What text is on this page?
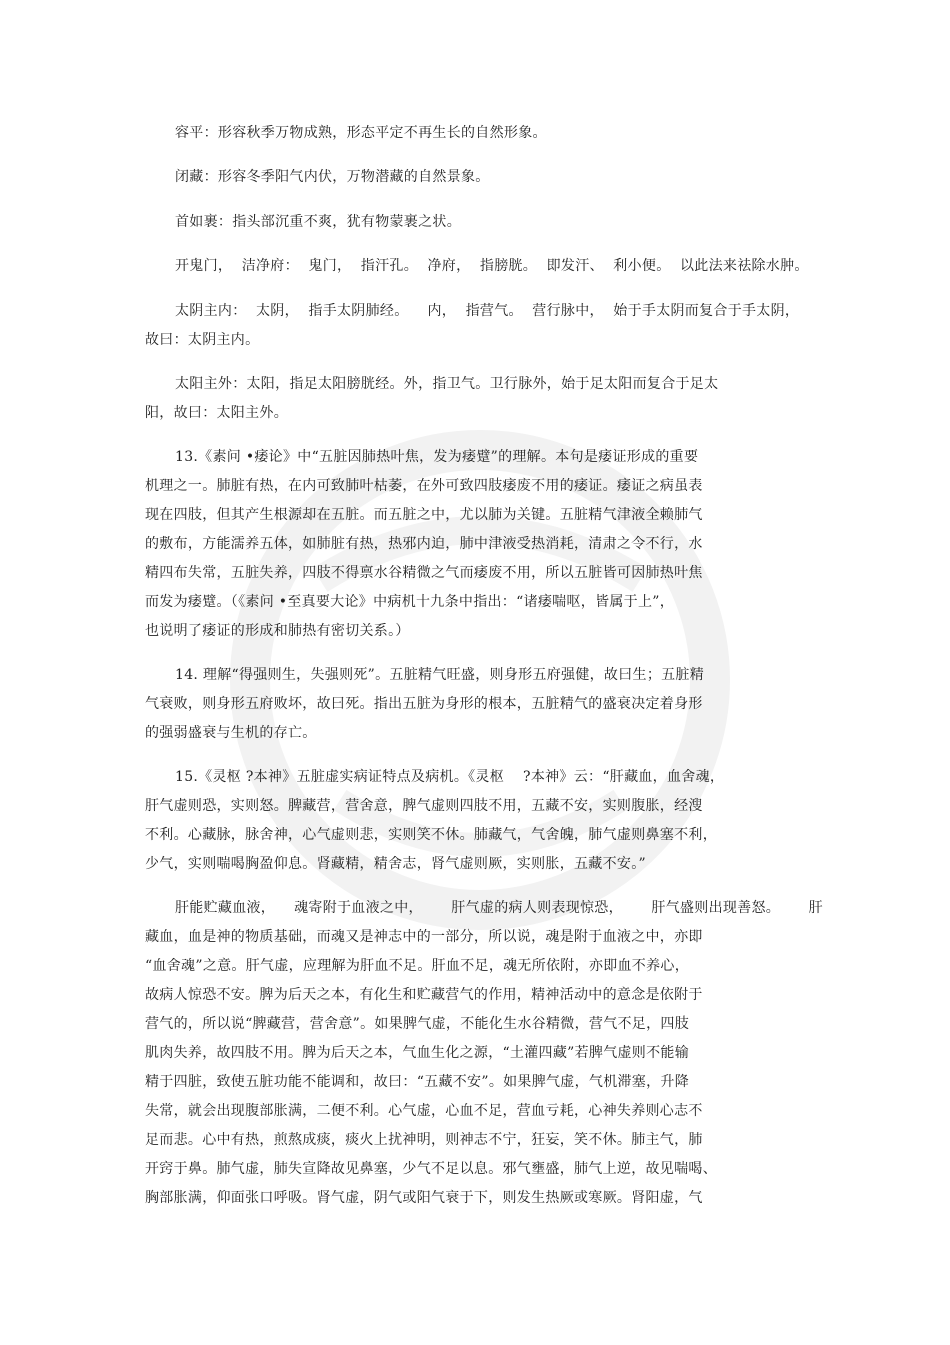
容平：形容秋季万物成熟，形态平定不再生长的自然形象。
闭藏：形容冬季阳气内伏，万物潜藏的自然景象。
首如裹：指头部沉重不爽，犹有物蒙裹之状。
开鬼门，  洁净府：  鬼门，  指汗孔。  净府，  指膀胱。  即发汗、  利小便。  以此法来祛除水肿。
太阴主内：  太阴，  指手太阴肺经。    内，  指营气。  营行脉中，  始于手太阴而复合于手太阴，
故曰：太阴主内。
太阳主外：太阳，指足太阳膀胱经。外，指卫气。卫行脉外，始于足太阳而复合于足太
阳，故曰：太阳主外。
13.《素问 •痿论》中“五脏因肺热叶焦，发为痿躄”的理解。本句是痿证形成的重要
机理之一。肺脏有热，在内可致肺叶枯萎，在外可致四肢痿废不用的痿证。痿证之病虽表
现在四肢，但其产生根源却在五脏。而五脏之中，尤以肺为关键。五脏精气津液全赖肺气
的敷布，方能濡养五体，如肺脏有热，热邪内迫，肺中津液受热消耗，清肃之令不行，水
精四布失常，五脏失养，四肢不得禀水谷精微之气而痿废不用，所以五脏皆可因肺热叶焦
而发为痿躄。（《素问 •至真要大论》中病机十九条中指出：“诸痿喘呕，皆属于上”，
也说明了痿证的形成和肺热有密切关系。）
14. 理解“得强则生，失强则死”。五脏精气旺盛，则身形五府强健，故曰生；五脏精
气衰败，则身形五府败坏，故曰死。指出五脏为身形的根本，五脏精气的盛衰决定着身形
的强弱盛衰与生机的存亡。
15.《灵枢 ?本神》五脏虚实病证特点及病机。《灵枢    ?本神》云：“肝藏血，血舍魂，
肝气虚则恐，实则怒。脾藏营，营舍意，脾气虚则四肢不用，五藏不安，实则腹胀，经溲
不利。心藏脉，脉舍神，心气虚则悲，实则笑不休。肺藏气，气舍魄，肺气虚则鼻塞不利，
少气，实则喘喝胸盈仰息。肾藏精，精舍志，肾气虚则厥，实则胀，五藏不安。”
肝能贮藏血液，    魂寄附于血液之中，      肝气虚的病人则表现惊恐，      肝气盛则出现善怒。      肝
藏血，血是神的物质基础，而魂又是神志中的一部分，所以说，魂是附于血液之中，亦即
“血舍魂”之意。肝气虚，应理解为肝血不足。肝血不足，魂无所依附，亦即血不养心，
故病人惊恐不安。脾为后天之本，有化生和贮藏营气的作用，精神活动中的意念是依附于
营气的，所以说“脾藏营，营舍意”。如果脾气虚，不能化生水谷精微，营气不足，四肢
肌肉失养，故四肢不用。脾为后天之本，气血生化之源，“土灌四藏”若脾气虚则不能输
精于四脏，致使五脏功能不能调和，故曰：“五藏不安”。如果脾气虚，气机滞塞，升降
失常，就会出现腹部胀满，二便不利。心气虚，心血不足，营血亏耗，心神失养则心志不
足而悲。心中有热，煎熬成痰，痰火上扰神明，则神志不宁，狂妄，笑不休。肺主气，肺
开窍于鼻。肺气虚，肺失宣降故见鼻塞，少气不足以息。邪气壅盛，肺气上逆，故见喘喝、
胸部胀满，仰面张口呼吸。肾气虚，阴气或阳气衰于下，则发生热厥或寒厥。肾阳虚，气
